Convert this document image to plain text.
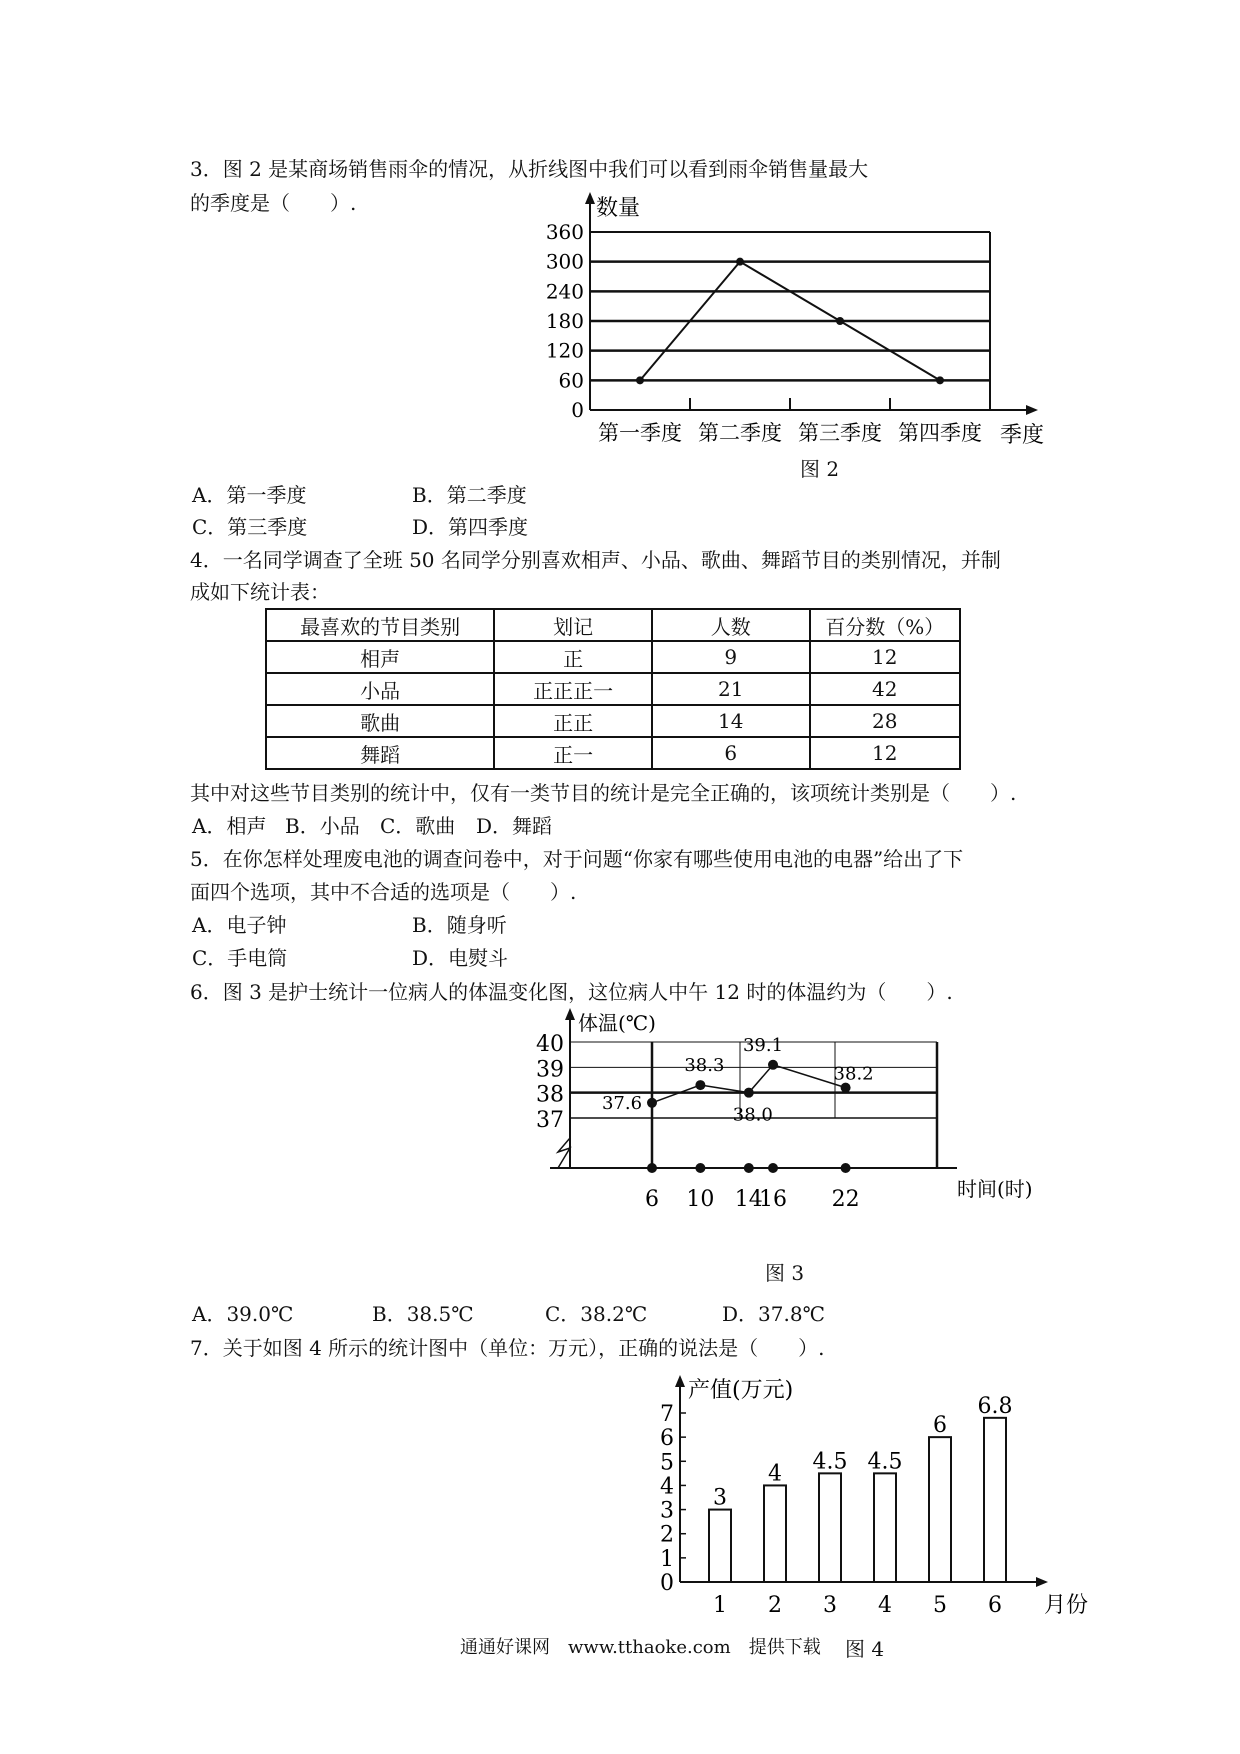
3．图 2 是某商场销售雨伞的情况，从折线图中我们可以看到雨伞销售量最大
的季度是（　　）.
0
60
120
180
240
300
360
数量
季度
第一季度 第二季度 第三季度 第四季度
图 2
A．第一季度	B．第二季度
C．第三季度	D．第四季度
4．一名同学调查了全班 50 名同学分别喜欢相声、小品、歌曲、舞蹈节目的类别情况，并制
成如下统计表：
最喜欢的节目类别	划记	人数	百分数（%）
相声	正	9	12
小品	正正正一	21	42
歌曲	正正	14	28
舞蹈	正一	6	12
其中对这些节目类别的统计中，仅有一类节目的统计是完全正确的，该项统计类别是（　　）.
A．相声 B．小品 C．歌曲 D．舞蹈
5．在你怎样处理废电池的调查问卷中，对于问题“你家有哪些使用电池的电器”给出了下
面四个选项，其中不合适的选项是（　　）.
A．电子钟	B．随身听
C．手电筒	D．电熨斗
6．图 3 是护士统计一位病人的体温变化图，这位病人中午 12 时的体温约为（　　）.
40
39
38
37
体温(℃)
时间(时)
6 10 14
16 22
37.6
38.3
38.0
39.1
38.2
图 3
A．39.0℃	B．38.5℃	C．38.2℃	D．37.8℃
7．关于如图 4 所示的统计图中（单位：万元），正确的说法是（　　）.
0
1
2
3
4
5
6
7
产值(万元)
月份
3
1
4
2
4.5
3
4.5
4
6
5
6.8
6
通通好课网　www.tthaoke.com　提供下载 图 4
